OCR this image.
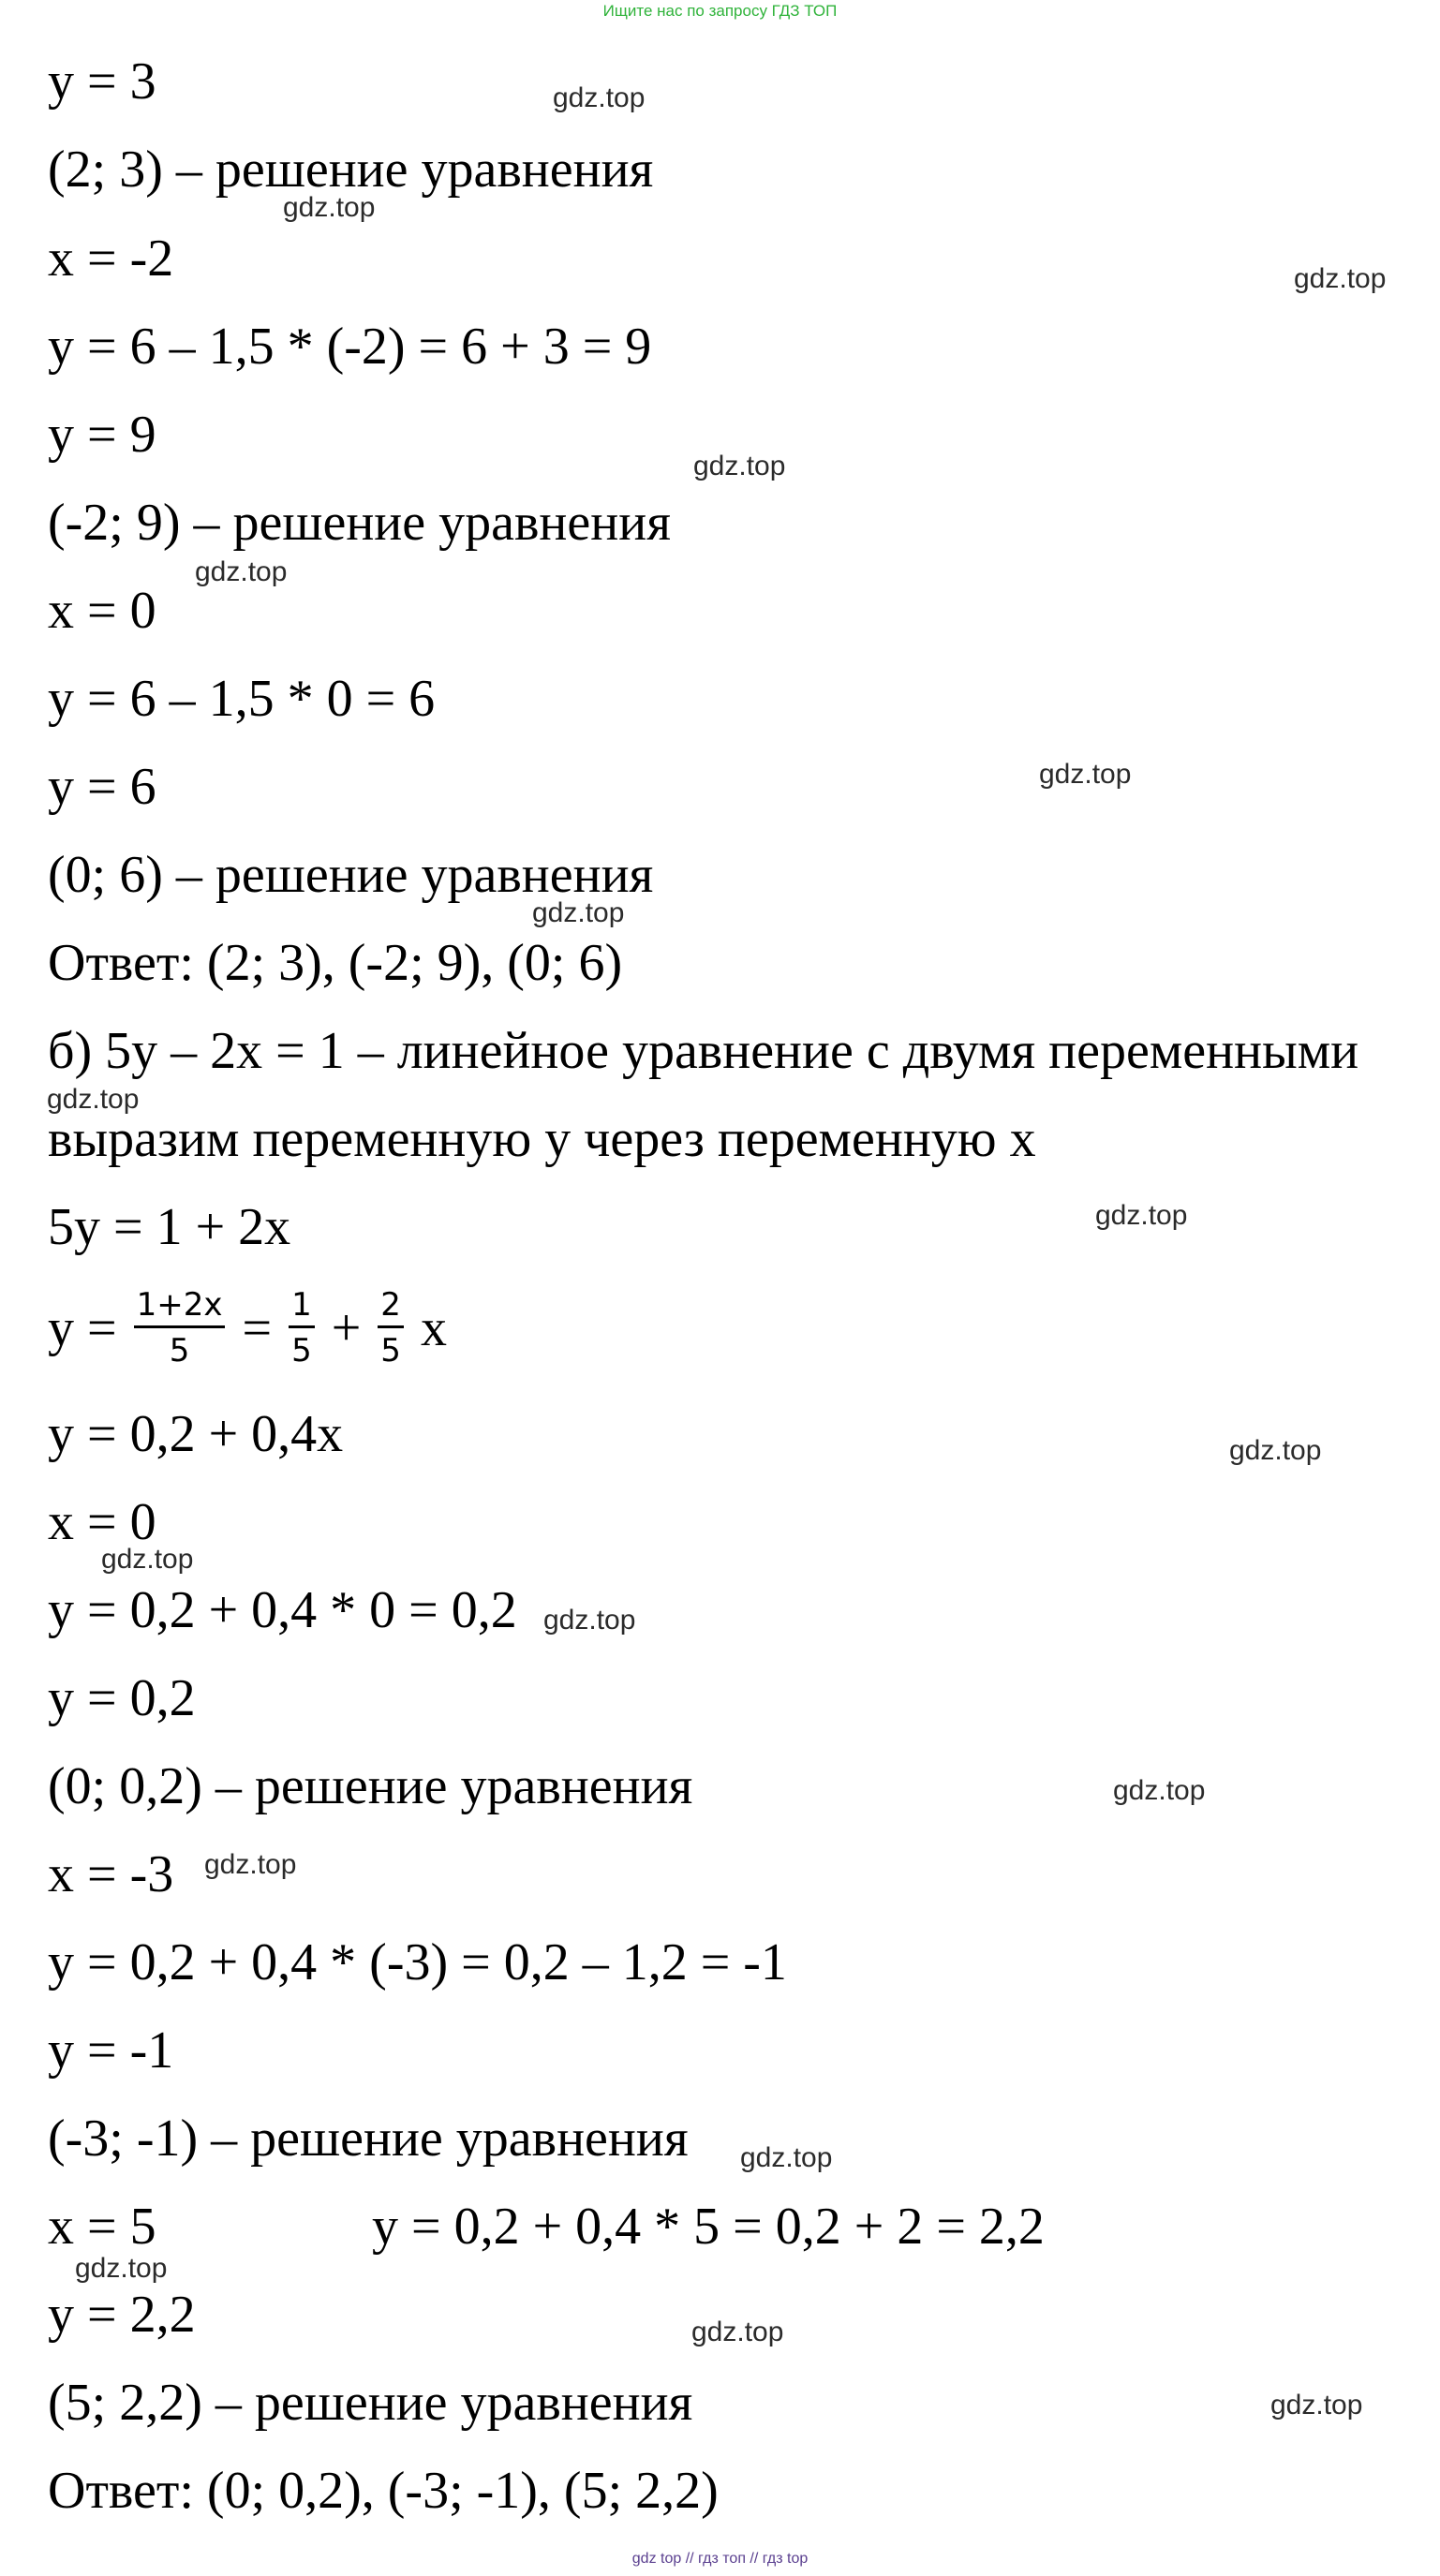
Ищите нас по запросу ГДЗ ТОП
y = 3
(2; 3) – решение уравнения
x = -2
y = 6 – 1,5 * (-2) = 6 + 3 = 9
y = 9
(-2; 9) – решение уравнения
x = 0
y = 6 – 1,5 * 0 = 6
y = 6
(0; 6) – решение уравнения
Ответ: (2; 3), (-2; 9), (0; 6)
б) 5y – 2x = 1 – линейное уравнение с двумя переменными
выразим переменную y через переменную x
5y = 1 + 2x
$y = \frac{1+2x}{5} = \frac{1}{5} + \frac{2}{5}$ x
y = 0,2 + 0,4x
x = 0
y = 0,2 + 0,4 * 0 = 0,2
y = 0,2
(0; 0,2) – решение уравнения
x = -3
y = 0,2 + 0,4 * (-3) = 0,2 – 1,2 = -1
y = -1
(-3; -1) – решение уравнения
x = 5	y = 0,2 + 0,4 * 5 = 0,2 + 2 = 2,2
y = 2,2
(5; 2,2) – решение уравнения
Ответ: (0; 0,2), (-3; -1), (5; 2,2)
gdz.top
gdz.top
gdz.top
gdz.top
gdz.top
gdz.top
gdz.top
gdz.top
gdz.top
gdz.top
gdz.top
gdz.top
gdz.top
gdz.top
gdz.top
gdz.top
gdz.top
gdz.top
gdz top // гдз топ // гдз top
